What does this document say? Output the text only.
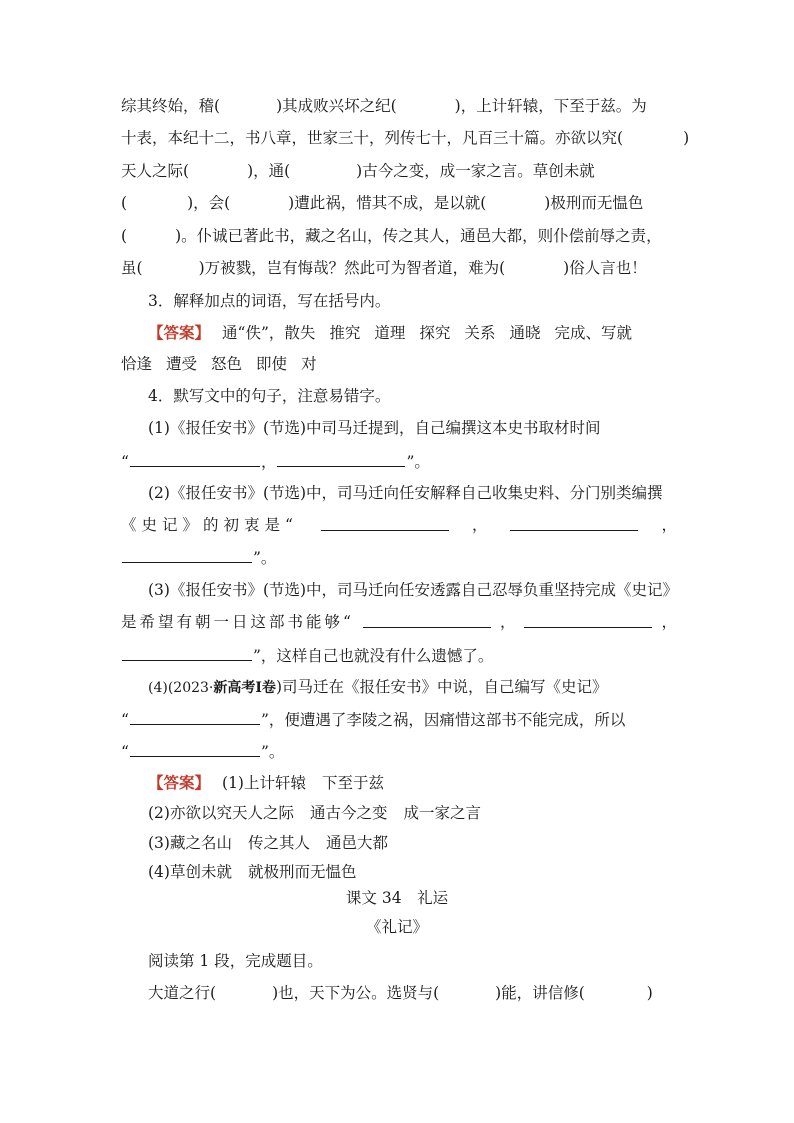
综其终始，稽(	)其成败兴坏之纪(	)，上计轩辕，下至于兹。为
十表，本纪十二，书八章，世家三十，列传七十，凡百三十篇。亦欲以究(	)
天人之际(	)，通(	)古今之变，成一家之言。草创未就
(	)，会(	)遭此祸，惜其不成，是以就(	)极刑而无愠色
(	)。仆诚已著此书，藏之名山，传之其人，通邑大都，则仆偿前辱之责，
虽(	)万被戮，岂有悔哉？然此可为智者道，难为(	)俗人言也！
3．解释加点的词语，写在括号内。
【答案】 通“佚”，散失 推究 道理 探究 关系 通晓 完成、写就
恰逢 遭受 怒色 即使 对
4．默写文中的句子，注意易错字。
(1)《报任安书》(节选)中司马迁提到，自己编撰这本史书取材时间
“	，	”。
(2)《报任安书》(节选)中，司马迁向任安解释自己收集史料、分门别类编撰
《史记》的初衷是“	，	，
”。
(3)《报任安书》(节选)中，司马迁向任安透露自己忍辱负重坚持完成《史记》
是希望有朝一日这部书能够“	，	，
”，这样自己也就没有什么遗憾了。
(4)(2023·新高考Ⅰ卷)司马迁在《报任安书》中说，自己编写《史记》
“	”，便遭遇了李陵之祸，因痛惜这部书不能完成，所以
“	”。
【答案】 (1)上计轩辕 下至于兹
(2)亦欲以究天人之际 通古今之变 成一家之言
(3)藏之名山 传之其人 通邑大都
(4)草创未就 就极刑而无愠色
课文 34　礼运
《礼记》
阅读第 1 段，完成题目。
大道之行(	)也，天下为公。选贤与(	)能，讲信修(	)
